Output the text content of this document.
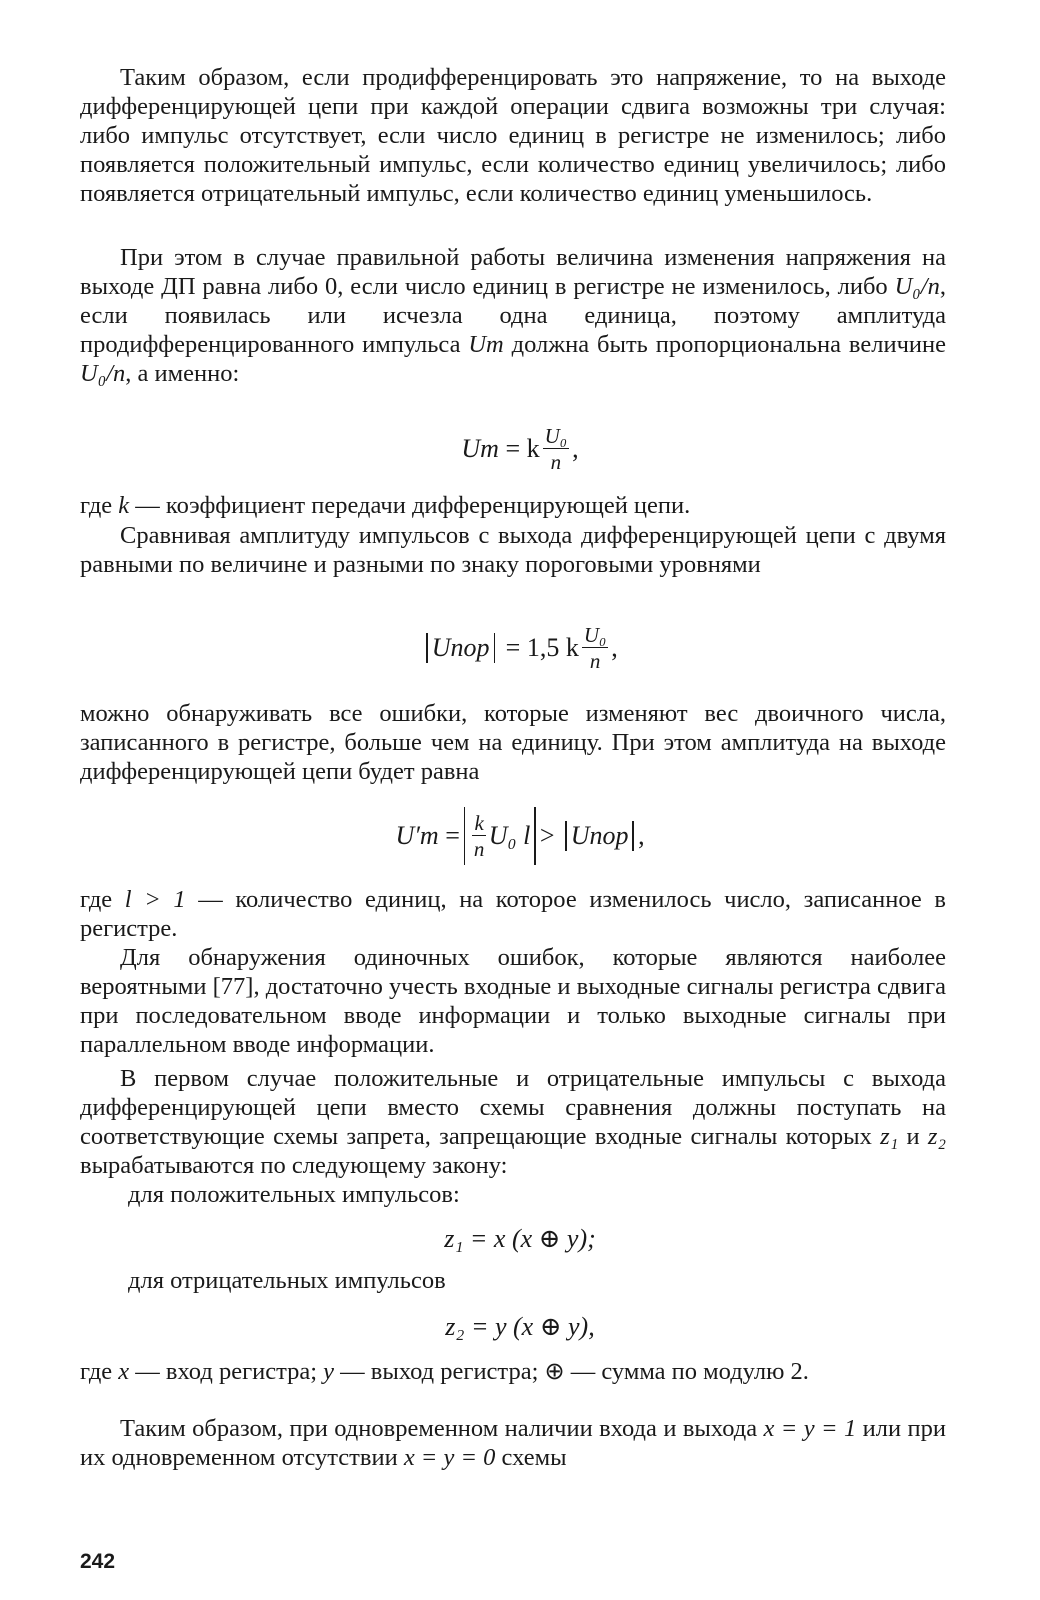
Таким образом, если продифференцировать это напряжение, то на выходе дифференцирующей цепи при каждой операции сдвига возможны три случая: либо импульс отсутствует, если число единиц в регистре не изменилось; либо появляется положительный импульс, если количество единиц увеличилось; либо появляется отрицательный импульс, если количество единиц уменьшилось.

При этом в случае правильной работы величина изменения напряжения на выходе ДП равна либо 0, если число единиц в регистре не изменилось, либо U₀/n, если появилась или исчезла одна единица, поэтому амплитуда продифференцированного импульса Um должна быть пропорциональна величине U₀/n, а именно:

Um
= k $\frac{\text{U₀}}{n}$ ,

где k — коэффициент передачи дифференцирующей цепи.

Сравнивая амплитуду импульсов с выхода дифференцирующей цепи с двумя равными по величине и разными по знаку пороговыми уровнями

Uпор
= 1,5 k $\frac{\text{U₀}}{n}$ ,

можно обнаруживать все ошибки, которые изменяют вес двоичного числа, записанного в регистре, больше чем на единицу. При этом амплитуда на выходе дифференцирующей цепи будет равна

$U'm = \frac{k}{n} U_0$ l >
Uпор ,

где l > 1 — количество единиц, на которое изменилось число, записанное в регистре.

Для обнаружения одиночных ошибок, которые являются наиболее вероятными [77], достаточно учесть входные и выходные сигналы регистра сдвига при последовательном вводе информации и только выходные сигналы при параллельном вводе информации.

В первом случае положительные и отрицательные импульсы с выхода дифференцирующей цепи вместо схемы сравнения должны поступать на соответствующие схемы запрета, запрещающие входные сигналы которых z₁ и z₂ вырабатываются по следующему закону:

для положительных импульсов:

z₁ = x (x ⊕ y);

для отрицательных импульсов

z₂ = y (x ⊕ y),

где x — вход регистра; y — выход регистра; ⊕ — сумма по модулю 2.

Таким образом, при одновременном наличии входа и выхода x = y = 1 или при их одновременном отсутствии x = y = 0 схемы

242
